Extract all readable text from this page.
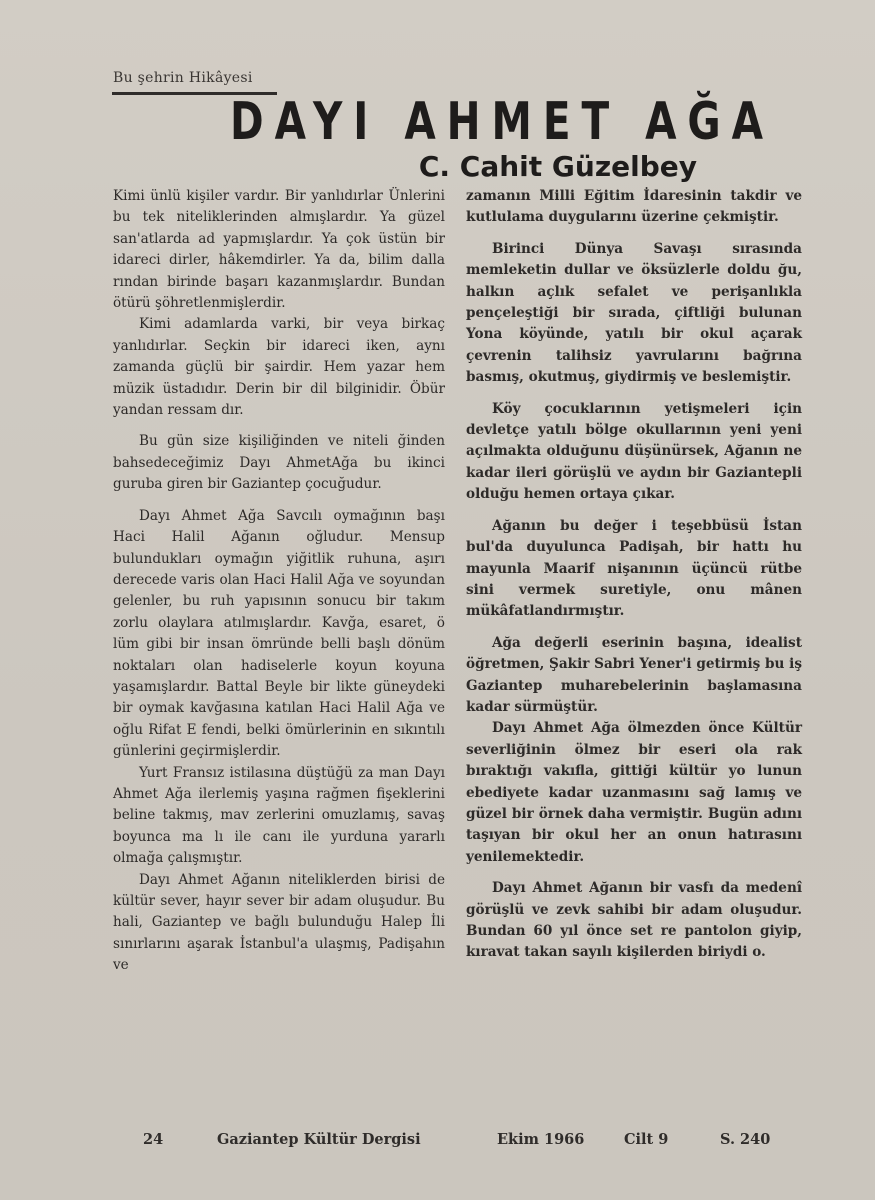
Bu şehrin Hikâyesi
DAYI AHMET AĞA
C. Cahit Güzelbey

Kimi ünlü kişiler vardır. Bir yanlıdırlar Ünlerini bu tek niteliklerinden almışlardır. Ya güzel san'atlarda ad yapmışlardır. Ya çok üstün bir idareci dirler, hâkemdirler. Ya da, bilim dalla rından birinde başarı kazanmışlardır. Bundan ötürü şöhretlenmişlerdir.

Kimi adamlarda varki, bir veya birkaç yanlıdırlar. Seçkin bir idareci iken, aynı zamanda güçlü bir şairdir. Hem yazar hem müzik üstadıdır. Derin bir dil bilginidir. Öbür yandan ressam dır.

Bu gün size kişiliğinden ve niteli ğinden bahsedeceğimiz Dayı AhmetAğa bu ikinci guruba giren bir Gaziantep çocuğudur.

Dayı Ahmet Ağa Savcılı oymağının başı Haci Halil Ağanın oğludur. Mensup bulundukları oymağın yiğitlik ruhuna, aşırı derecede varis olan Haci Halil Ağa ve soyundan gelenler, bu ruh yapısının sonucu bir takım zorlu olaylara atılmışlardır. Kavğa, esaret, ö lüm gibi bir insan ömründe belli başlı dönüm noktaları olan hadiselerle koyun koyuna yaşamışlardır. Battal Beyle bir likte güneydeki bir oymak kavğasına katılan Haci Halil Ağa ve oğlu Rifat E fendi, belki ömürlerinin en sıkıntılı günlerini geçirmişlerdir.

Yurt Fransız istilasına düştüğü za man Dayı Ahmet Ağa ilerlemiş yaşına rağmen fişeklerini beline takmış, mav zerlerini omuzlamış, savaş boyunca ma lı ile canı ile yurduna yararlı olmağa çalışmıştır.

Dayı Ahmet Ağanın niteliklerden birisi de kültür sever, hayır sever bir adam oluşudur. Bu hali, Gaziantep ve bağlı bulunduğu Halep İli sınırlarını aşarak İstanbul'a ulaşmış, Padişahın ve

zamanın Milli Eğitim İdaresinin takdir ve kutlulama duygularını üzerine çekmiştir.

Birinci Dünya Savaşı sırasında memleketin dullar ve öksüzlerle doldu ğu, halkın açlık sefalet ve perişanlıkla pençeleştiği bir sırada, çiftliği bulunan Yona köyünde, yatılı bir okul açarak çevrenin talihsiz yavrularını bağrına basmış, okutmuş, giydirmiş ve beslemiştir.

Köy çocuklarının yetişmeleri için devletçe yatılı bölge okullarının yeni yeni açılmakta olduğunu düşünürsek, Ağanın ne kadar ileri görüşlü ve aydın bir Gaziantepli olduğu hemen ortaya çıkar.

Ağanın bu değer i teşebbüsü İstan bul'da duyulunca Padişah, bir hattı hu mayunla Maarif nişanının üçüncü rütbe sini vermek suretiyle, onu mânen mükâfatlandırmıştır.

Ağa değerli eserinin başına, idealist öğretmen, Şakir Sabri Yener'i getirmiş bu iş Gaziantep muharebelerinin başlamasına kadar sürmüştür.

Dayı Ahmet Ağa ölmezden önce Kültür severliğinin ölmez bir eseri ola rak bıraktığı vakıfla, gittiği kültür yo lunun ebediyete kadar uzanmasını sağ lamış ve güzel bir örnek daha vermiştir. Bugün adını taşıyan bir okul her an onun hatırasını yenilemektedir.

Dayı Ahmet Ağanın bir vasfı da medenî görüşlü ve zevk sahibi bir adam oluşudur. Bundan 60 yıl önce set re pantolon giyip, kıravat takan sayılı kişilerden biriydi o.

24	Gaziantep Kültür Dergisi	Ekim 1966	Cilt 9	S. 240
